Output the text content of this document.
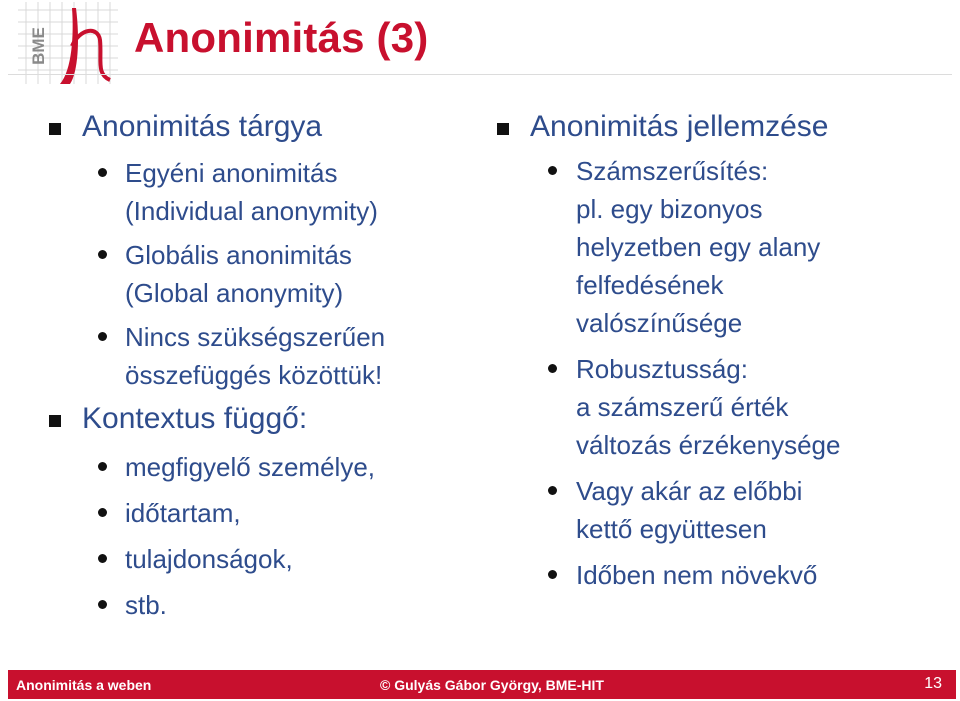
BME Anonimitás (3)
Anonimitás tárgya
Egyéni anonimitás
(Individual anonymity)
Globális anonimitás
(Global anonymity)
Nincs szükségszerűen
összefüggés közöttük!
Kontextus függő:
megfigyelő személye,
időtartam,
tulajdonságok,
stb.
Anonimitás jellemzése
Számszerűsítés:
pl. egy bizonyos
helyzetben egy alany
felfedésének
valószínűsége
Robusztusság:
a számszerű érték
változás érzékenysége
Vagy akár az előbbi
kettő együttesen
Időben nem növekvő
Anonimitás a weben	© Gulyás Gábor György, BME-HIT	13
